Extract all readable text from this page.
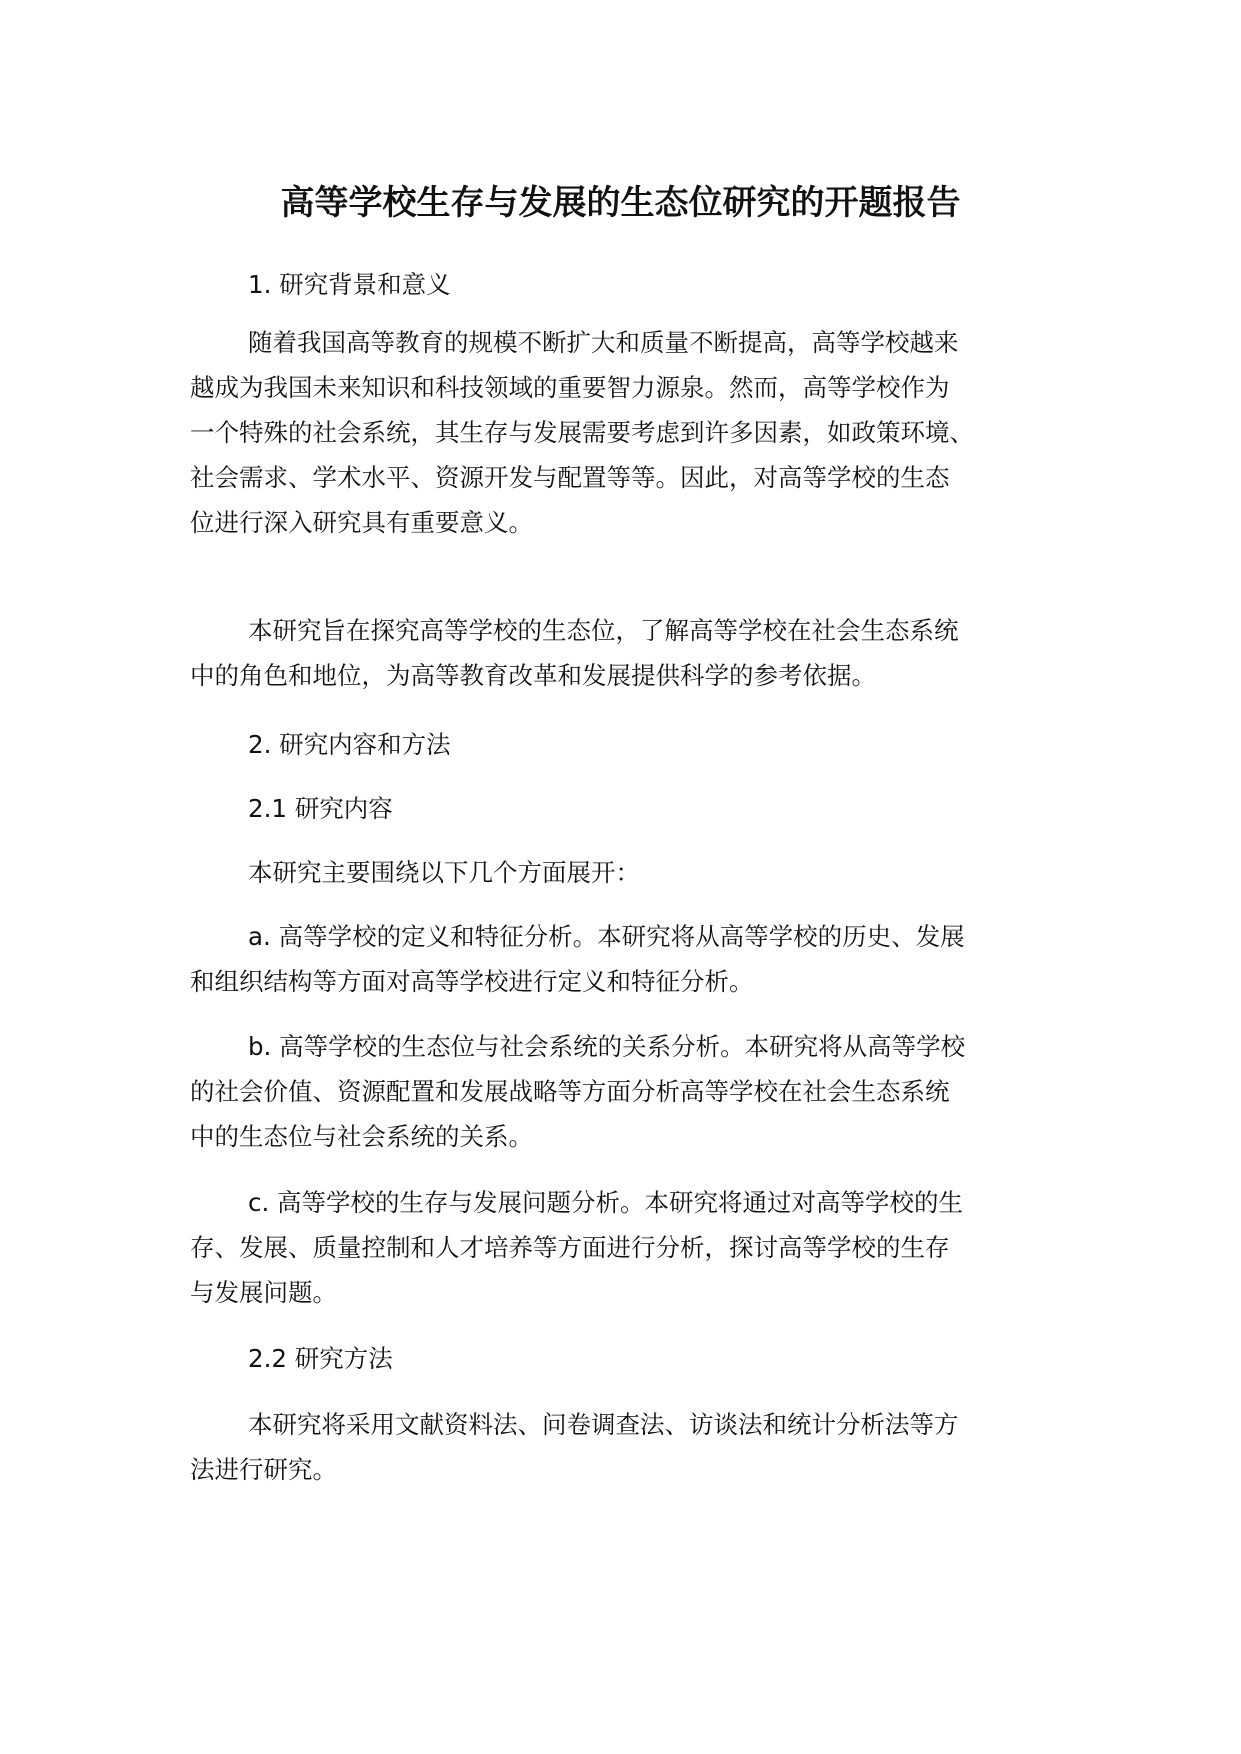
高等学校生存与发展的生态位研究的开题报告
1. 研究背景和意义
随着我国高等教育的规模不断扩大和质量不断提高，高等学校越来
越成为我国未来知识和科技领域的重要智力源泉。然而，高等学校作为
一个特殊的社会系统，其生存与发展需要考虑到许多因素，如政策环境、
社会需求、学术水平、资源开发与配置等等。因此，对高等学校的生态
位进行深入研究具有重要意义。
本研究旨在探究高等学校的生态位，了解高等学校在社会生态系统
中的角色和地位，为高等教育改革和发展提供科学的参考依据。
2. 研究内容和方法
2.1 研究内容
本研究主要围绕以下几个方面展开：
a. 高等学校的定义和特征分析。本研究将从高等学校的历史、发展
和组织结构等方面对高等学校进行定义和特征分析。
b. 高等学校的生态位与社会系统的关系分析。本研究将从高等学校
的社会价值、资源配置和发展战略等方面分析高等学校在社会生态系统
中的生态位与社会系统的关系。
c. 高等学校的生存与发展问题分析。本研究将通过对高等学校的生
存、发展、质量控制和人才培养等方面进行分析，探讨高等学校的生存
与发展问题。
2.2 研究方法
本研究将采用文献资料法、问卷调查法、访谈法和统计分析法等方
法进行研究。
